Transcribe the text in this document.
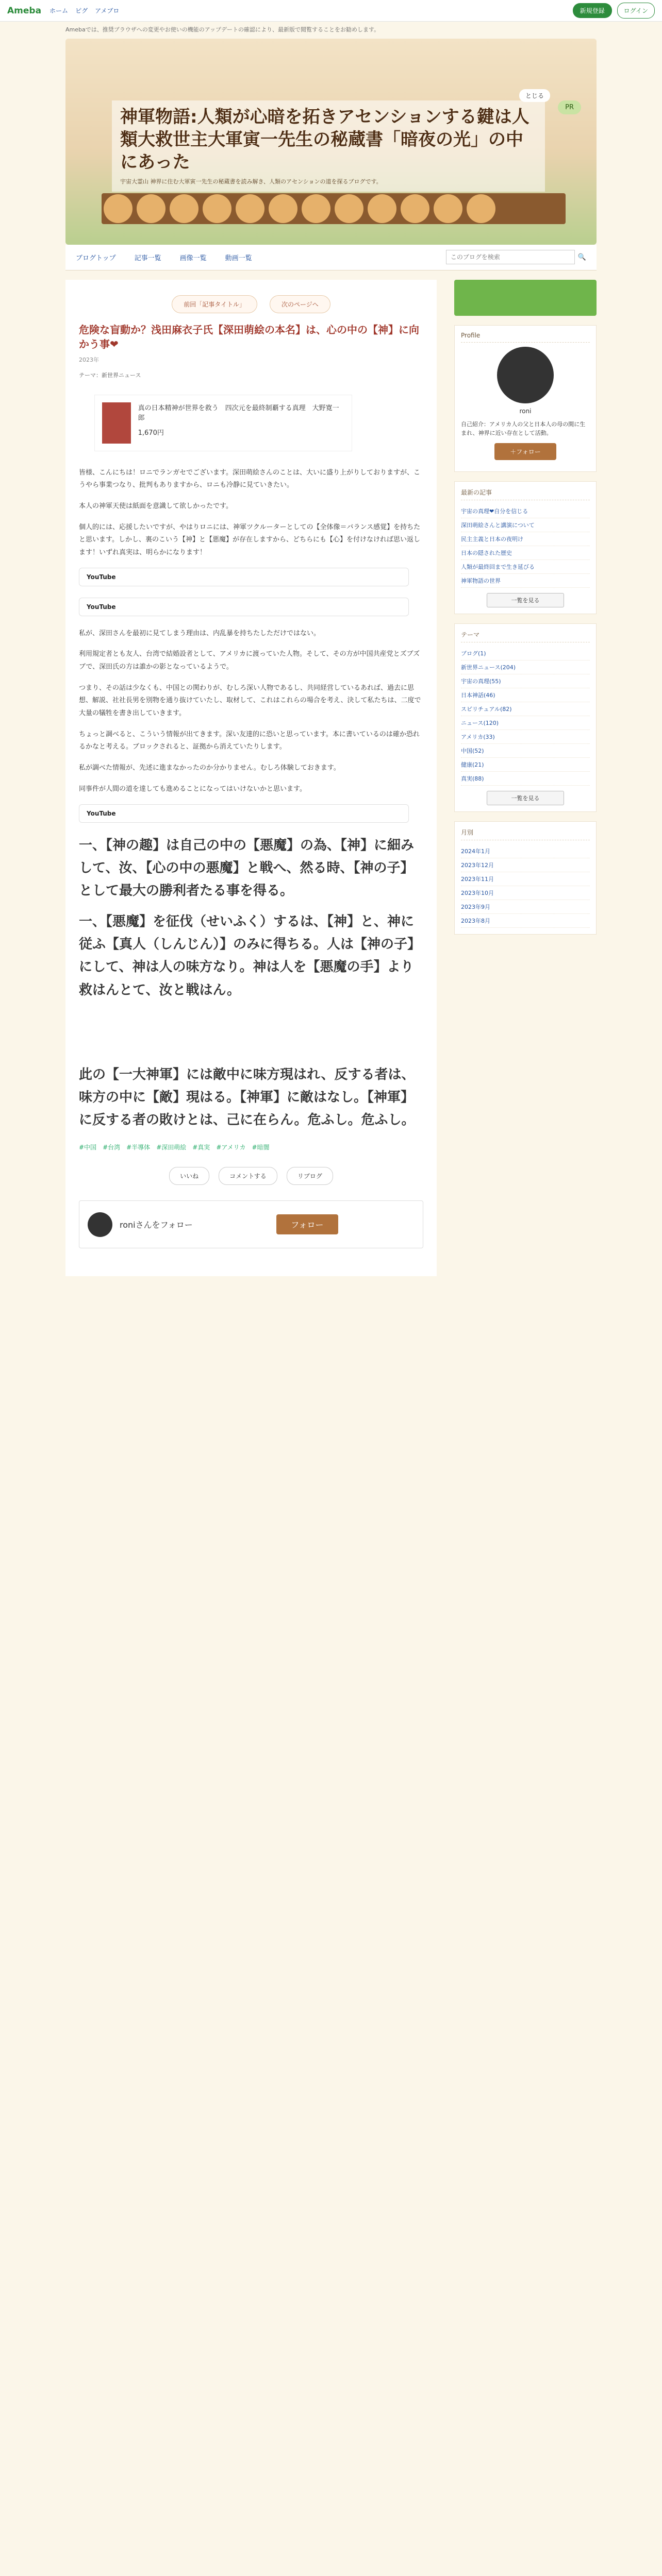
Ameba ホーム ピグ アメブロ	新規登録	ログイン
Amebaでは、推奨ブラウザへの変更やお使いの機能のアップデートの確認により、最新版で閲覧することをお勧めします。
とじる
PR
神軍物語:人類が心暗を拓きアセンションする鍵は人類大救世主大軍寅一先生の秘蔵書「暗夜の光」の中にあった
宇宙大霊山 神界に住む大軍寅一先生の秘蔵書を読み解き、人類のアセンションの道を探るブログです。
ブログトップ	記事一覧	画像一覧	動画一覧
このブログを検索	🔍
前回「記事タイトル」	次のページへ
危険な盲動か？浅田麻衣子氏【深田萌絵の本名】は、心の中の【神】に向かう事❤
2023年
テーマ：新世界ニュース
真の日本精神が世界を救う　四次元を最終制覇する真理　大野寛一郎
1,670円

皆様、こんにちは！ロニでランガセでございます。深田萌絵さんのことは、大いに盛り上がりしておりますが、こうやら事業つなり、批判もありますから、ロニも冷静に見ていきたい。

本人の神軍天使は紙面を意識して欲しかったです。

個人的には、応援したいですが、やはりロニには、神軍ツクルーターとしての【全体像＝バランス感覚】を持ちたと思います。しかし、裏のこいう【神】と【悪魔】が存在しますから、どちらにも【心】を付けなければ思い返します！いずれ真実は、明らかになります！

YouTube
YouTube

私が、深田さんを最初に見てしまう理由は、内乱暴を持ちたしただけではない。

利用規定者とも友人、台湾で結婚設者として、アメリカに渡っていた人物。そして、その方が中国共産党とズブズブで、深田氏の方は誰かの影となっているようで。

つまり、その話は少なくも、中国との関わりが、むしろ深い人物であるし、共同経営しているあれば、過去に思想、解説、社社長男を別物を通り抜けていたし、取材して、これはこれらの場合を考え、決して私たちは、二度で大量の犠牲を書き出していきます。

ちょっと調べると、こういう情報が出てきます。深い友達的に恐いと思っています。本に書いているのは確か恐れるかなと考える。ブロックされると、証拠から消えていたりします。

私が調べた情報が、先述に進まなかったのか分かりません。むしろ体験しておきます。

同事件が人間の道を達しても進めることになってはいけないかと思います。

YouTube
一、【神の趣】は自己の中の【悪魔】の為、【神】に細みして、汝、【心の中の悪魔】と戦へ、然る時、【神の子】として最大の勝利者たる事を得る。
一、【悪魔】を征伐（せいふく）するは、【神】と、神に従ふ【真人（しんじん）】のみに得ちる。人は【神の子】にして、神は人の味方なり。神は人を【悪魔の手】より救はんとて、汝と戦はん。
此の【一大神軍】には敵中に味方現はれ、反する者は、味方の中に【敵】現はる。【神軍】に敵はなし。【神軍】に反する者の敗けとは、己に在らん。危ふし。危ふし。
#中国 #台湾 #半導体 #深田萌絵 #真実 #アメリカ #暗闇
いいね	コメントする	リブログ
roniさんをフォロー	フォロー
Profile
roni
自己紹介：アメリカ人の父と日本人の母の間に生まれ、神界に近い存在として活動。
＋フォロー
最新の記事
宇宙の真理❤自分を信じる
深田萌絵さんと講演について
民主主義と日本の夜明け
日本の隠された歴史
人類が最終回まで生き延びる
神軍物語の世界
一覧を見る
テーマ
ブログ(1)
新世界ニュース(204)
宇宙の真理(55)
日本神話(46)
スピリチュアル(82)
ニュース(120)
アメリカ(33)
中国(52)
健康(21)
真実(88)
一覧を見る
月別
2024年1月
2023年12月
2023年11月
2023年10月
2023年9月
2023年8月
